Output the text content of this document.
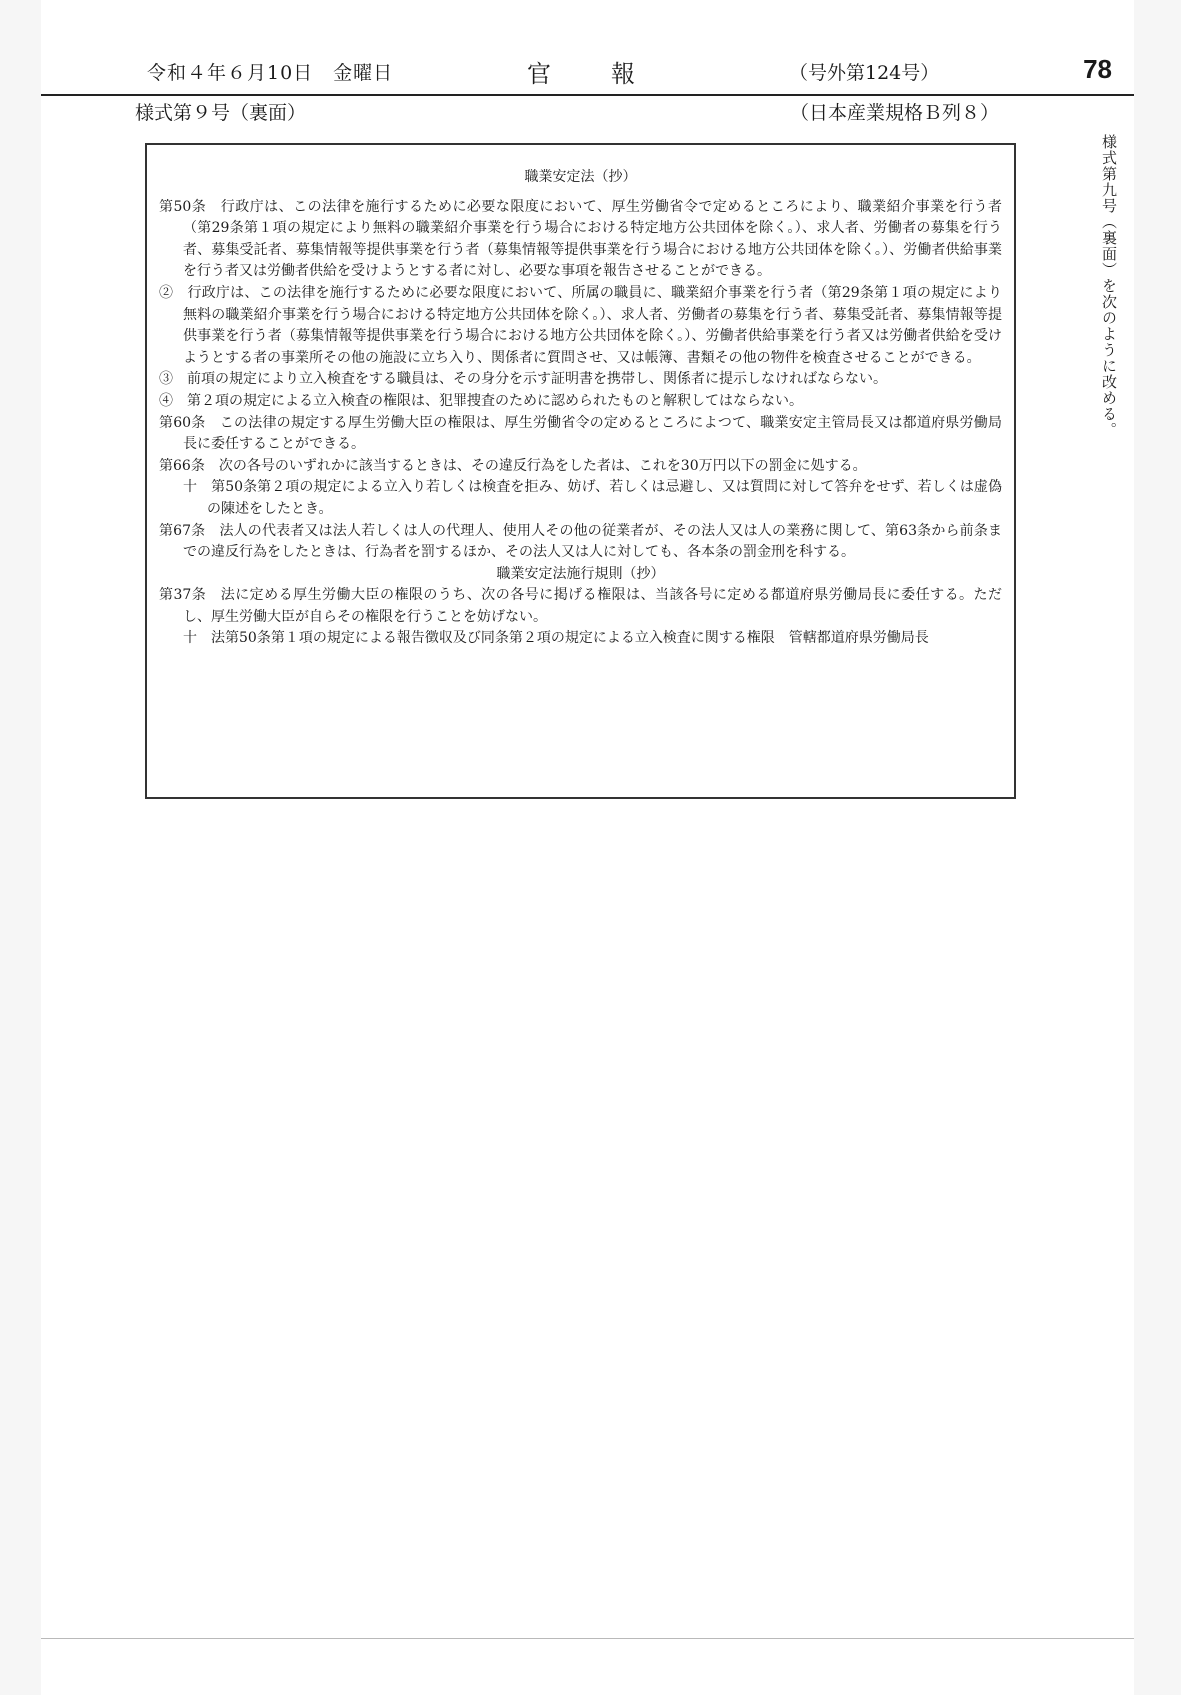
令和４年６月10日　金曜日	官 報	（号外第124号）	78
様式第９号（裏面）	（日本産業規格Ｂ列８）
様式第九号（裏面）を次のように改める。

職業安定法（抄）

第50条　行政庁は、この法律を施行するために必要な限度において、厚生労働省令で定めるところにより、職業紹介事業を行う者（第29条第１項の規定により無料の職業紹介事業を行う場合における特定地方公共団体を除く。）、求人者、労働者の募集を行う者、募集受託者、募集情報等提供事業を行う者（募集情報等提供事業を行う場合における地方公共団体を除く。）、労働者供給事業を行う者又は労働者供給を受けようとする者に対し、必要な事項を報告させることができる。

②　行政庁は、この法律を施行するために必要な限度において、所属の職員に、職業紹介事業を行う者（第29条第１項の規定により無料の職業紹介事業を行う場合における特定地方公共団体を除く。）、求人者、労働者の募集を行う者、募集受託者、募集情報等提供事業を行う者（募集情報等提供事業を行う場合における地方公共団体を除く。）、労働者供給事業を行う者又は労働者供給を受けようとする者の事業所その他の施設に立ち入り、関係者に質問させ、又は帳簿、書類その他の物件を検査させることができる。

③　前項の規定により立入検査をする職員は、その身分を示す証明書を携帯し、関係者に提示しなければならない。

④　第２項の規定による立入検査の権限は、犯罪捜査のために認められたものと解釈してはならない。

第60条　この法律の規定する厚生労働大臣の権限は、厚生労働省令の定めるところによつて、職業安定主管局長又は都道府県労働局長に委任することができる。

第66条　次の各号のいずれかに該当するときは、その違反行為をした者は、これを30万円以下の罰金に処する。

十　第50条第２項の規定による立入り若しくは検査を拒み、妨げ、若しくは忌避し、又は質問に対して答弁をせず、若しくは虚偽の陳述をしたとき。

第67条　法人の代表者又は法人若しくは人の代理人、使用人その他の従業者が、その法人又は人の業務に関して、第63条から前条までの違反行為をしたときは、行為者を罰するほか、その法人又は人に対しても、各本条の罰金刑を科する。

職業安定法施行規則（抄）

第37条　法に定める厚生労働大臣の権限のうち、次の各号に掲げる権限は、当該各号に定める都道府県労働局長に委任する。ただし、厚生労働大臣が自らその権限を行うことを妨げない。

十　法第50条第１項の規定による報告徴収及び同条第２項の規定による立入検査に関する権限　管轄都道府県労働局長
